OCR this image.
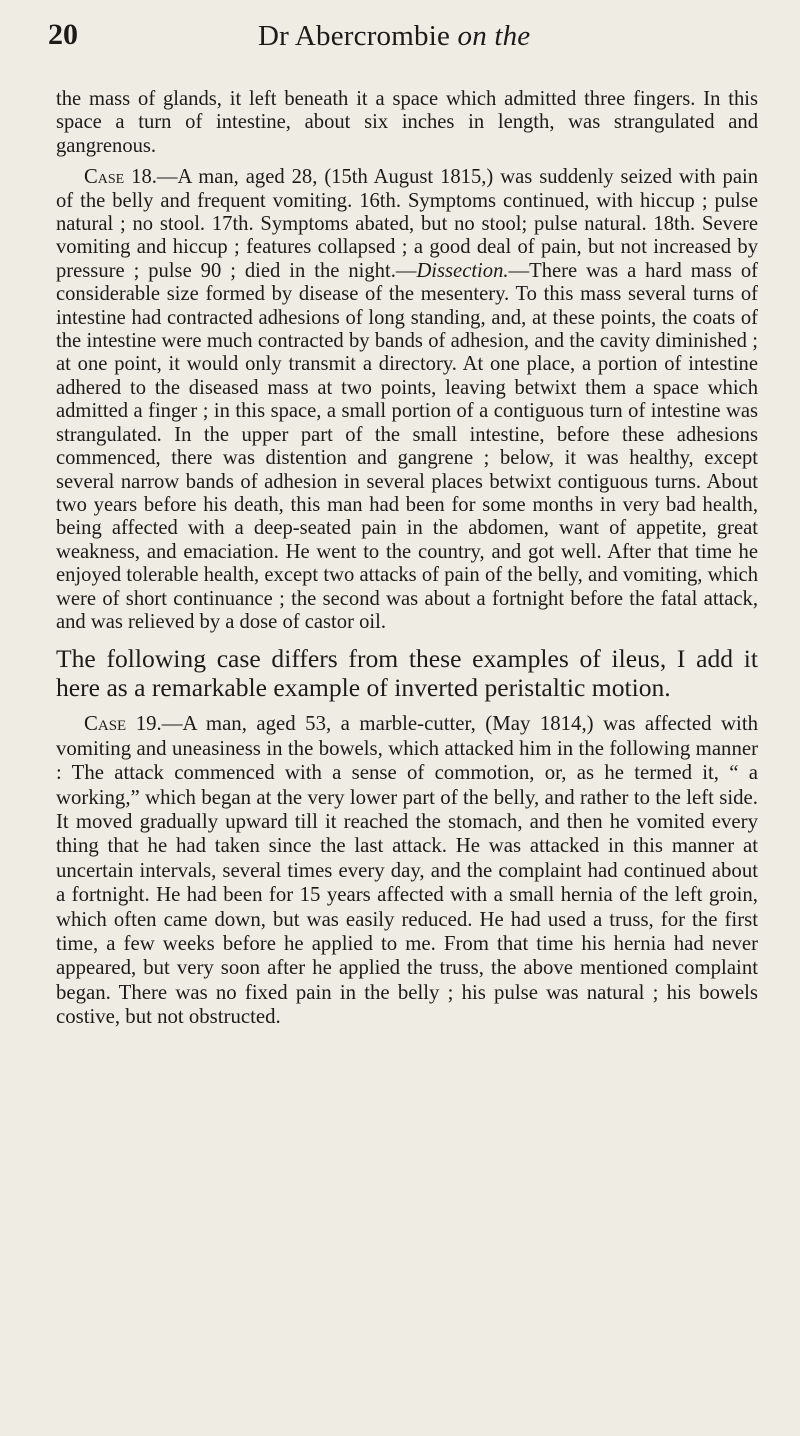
20	Dr Abercrombie on the

the mass of glands, it left beneath it a space which admitted three fingers. In this space a turn of intestine, about six inches in length, was strangulated and gangrenous.

Case 18.—A man, aged 28, (15th August 1815,) was suddenly seized with pain of the belly and frequent vomiting. 16th. Symptoms continued, with hiccup ; pulse natural ; no stool. 17th. Symptoms abated, but no stool; pulse natural. 18th. Severe vomiting and hiccup ; features collapsed ; a good deal of pain, but not increased by pressure ; pulse 90 ; died in the night.—Dissection.—There was a hard mass of considerable size formed by disease of the mesentery. To this mass several turns of intestine had contracted adhesions of long standing, and, at these points, the coats of the intestine were much contracted by bands of adhesion, and the cavity diminished ; at one point, it would only transmit a directory. At one place, a portion of intestine adhered to the diseased mass at two points, leaving betwixt them a space which admitted a finger ; in this space, a small portion of a contiguous turn of intestine was strangulated. In the upper part of the small intestine, before these adhesions commenced, there was distention and gangrene ; below, it was healthy, except several narrow bands of adhesion in several places betwixt contiguous turns. About two years before his death, this man had been for some months in very bad health, being affected with a deep-seated pain in the abdomen, want of appetite, great weakness, and emaciation. He went to the country, and got well. After that time he enjoyed tolerable health, except two attacks of pain of the belly, and vomiting, which were of short continuance ; the second was about a fortnight before the fatal attack, and was relieved by a dose of castor oil.

The following case differs from these examples of ileus, I add it here as a remarkable example of inverted peristaltic motion.

Case 19.—A man, aged 53, a marble-cutter, (May 1814,) was affected with vomiting and uneasiness in the bowels, which attacked him in the following manner : The attack commenced with a sense of commotion, or, as he termed it, “ a working,” which began at the very lower part of the belly, and rather to the left side. It moved gradually upward till it reached the stomach, and then he vomited every thing that he had taken since the last attack. He was attacked in this manner at uncertain intervals, several times every day, and the complaint had continued about a fortnight. He had been for 15 years affected with a small hernia of the left groin, which often came down, but was easily reduced. He had used a truss, for the first time, a few weeks before he applied to me. From that time his hernia had never appeared, but very soon after he applied the truss, the above mentioned complaint began. There was no fixed pain in the belly ; his pulse was natural ; his bowels costive, but not obstructed.
